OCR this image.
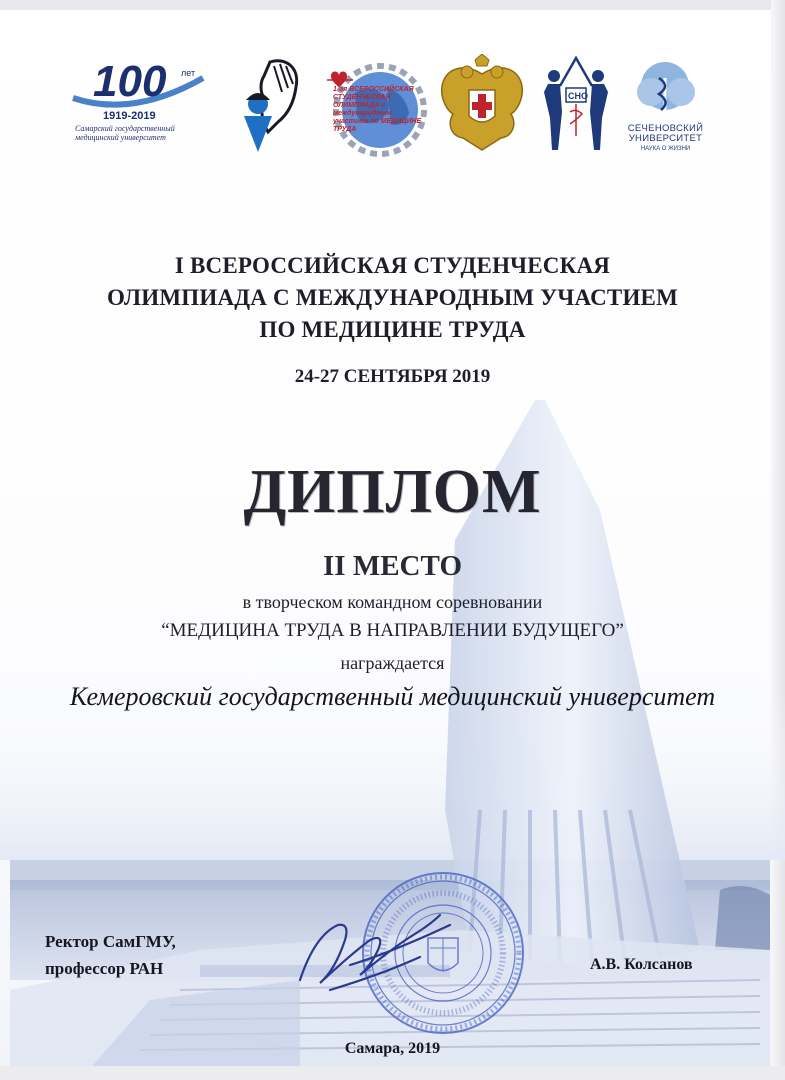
100 лет
1919-2019
Самарский государственный медицинский университет
1-ая ВСЕРОССИЙСКАЯ СТУДЕНЧЕСКАЯ ОЛИМПИАДА с международным участием по МЕДИЦИНЕ ТРУДА
СНО
СЕЧЕНОВСКИЙ УНИВЕРСИТЕТ
НАУКА О ЖИЗНИ
I ВСЕРОССИЙСКАЯ СТУДЕНЧЕСКАЯ
ОЛИМПИАДА С МЕЖДУНАРОДНЫМ УЧАСТИЕМ
ПО МЕДИЦИНЕ ТРУДА
24-27 СЕНТЯБРЯ 2019
ДИПЛОМ
II МЕСТО
в творческом командном соревновании
“МЕДИЦИНА ТРУДА В НАПРАВЛЕНИИ БУДУЩЕГО”
награждается
Кемеровский государственный медицинский университет
Ректор СамГМУ,
профессор РАН	А.В. Колсанов
Самара, 2019
